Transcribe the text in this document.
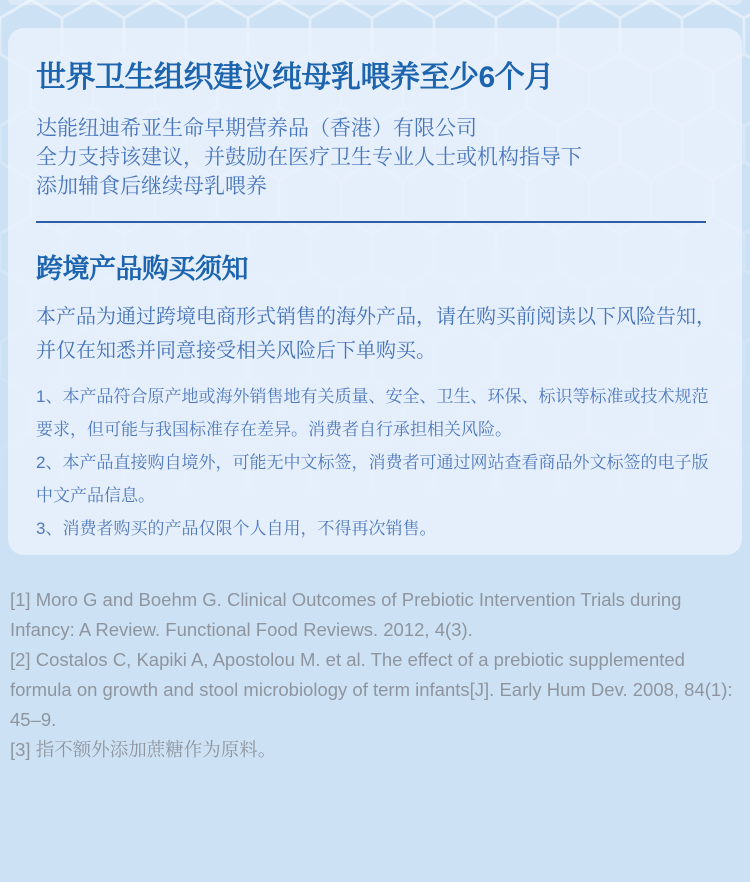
世界卫生组织建议纯母乳喂养至少6个月
达能纽迪希亚生命早期营养品（香港）有限公司
全力支持该建议，并鼓励在医疗卫生专业人士或机构指导下
添加辅食后继续母乳喂养
跨境产品购买须知
本产品为通过跨境电商形式销售的海外产品，请在购买前阅读以下风险告知，并仅在知悉并同意接受相关风险后下单购买。
1、本产品符合原产地或海外销售地有关质量、安全、卫生、环保、标识等标准或技术规范要求，但可能与我国标准存在差异。消费者自行承担相关风险。
2、本产品直接购自境外，可能无中文标签，消费者可通过网站查看商品外文标签的电子版中文产品信息。
3、消费者购买的产品仅限个人自用，不得再次销售。
[1] Moro G and Boehm G. Clinical Outcomes of Prebiotic Intervention Trials during Infancy: A Review. Functional Food Reviews. 2012, 4(3).
[2] Costalos C, Kapiki A, Apostolou M. et al. The effect of a prebiotic supplemented formula on growth and stool microbiology of term infants[J]. Early Hum Dev. 2008, 84(1): 45–9.
[3] 指不额外添加蔗糖作为原料。
